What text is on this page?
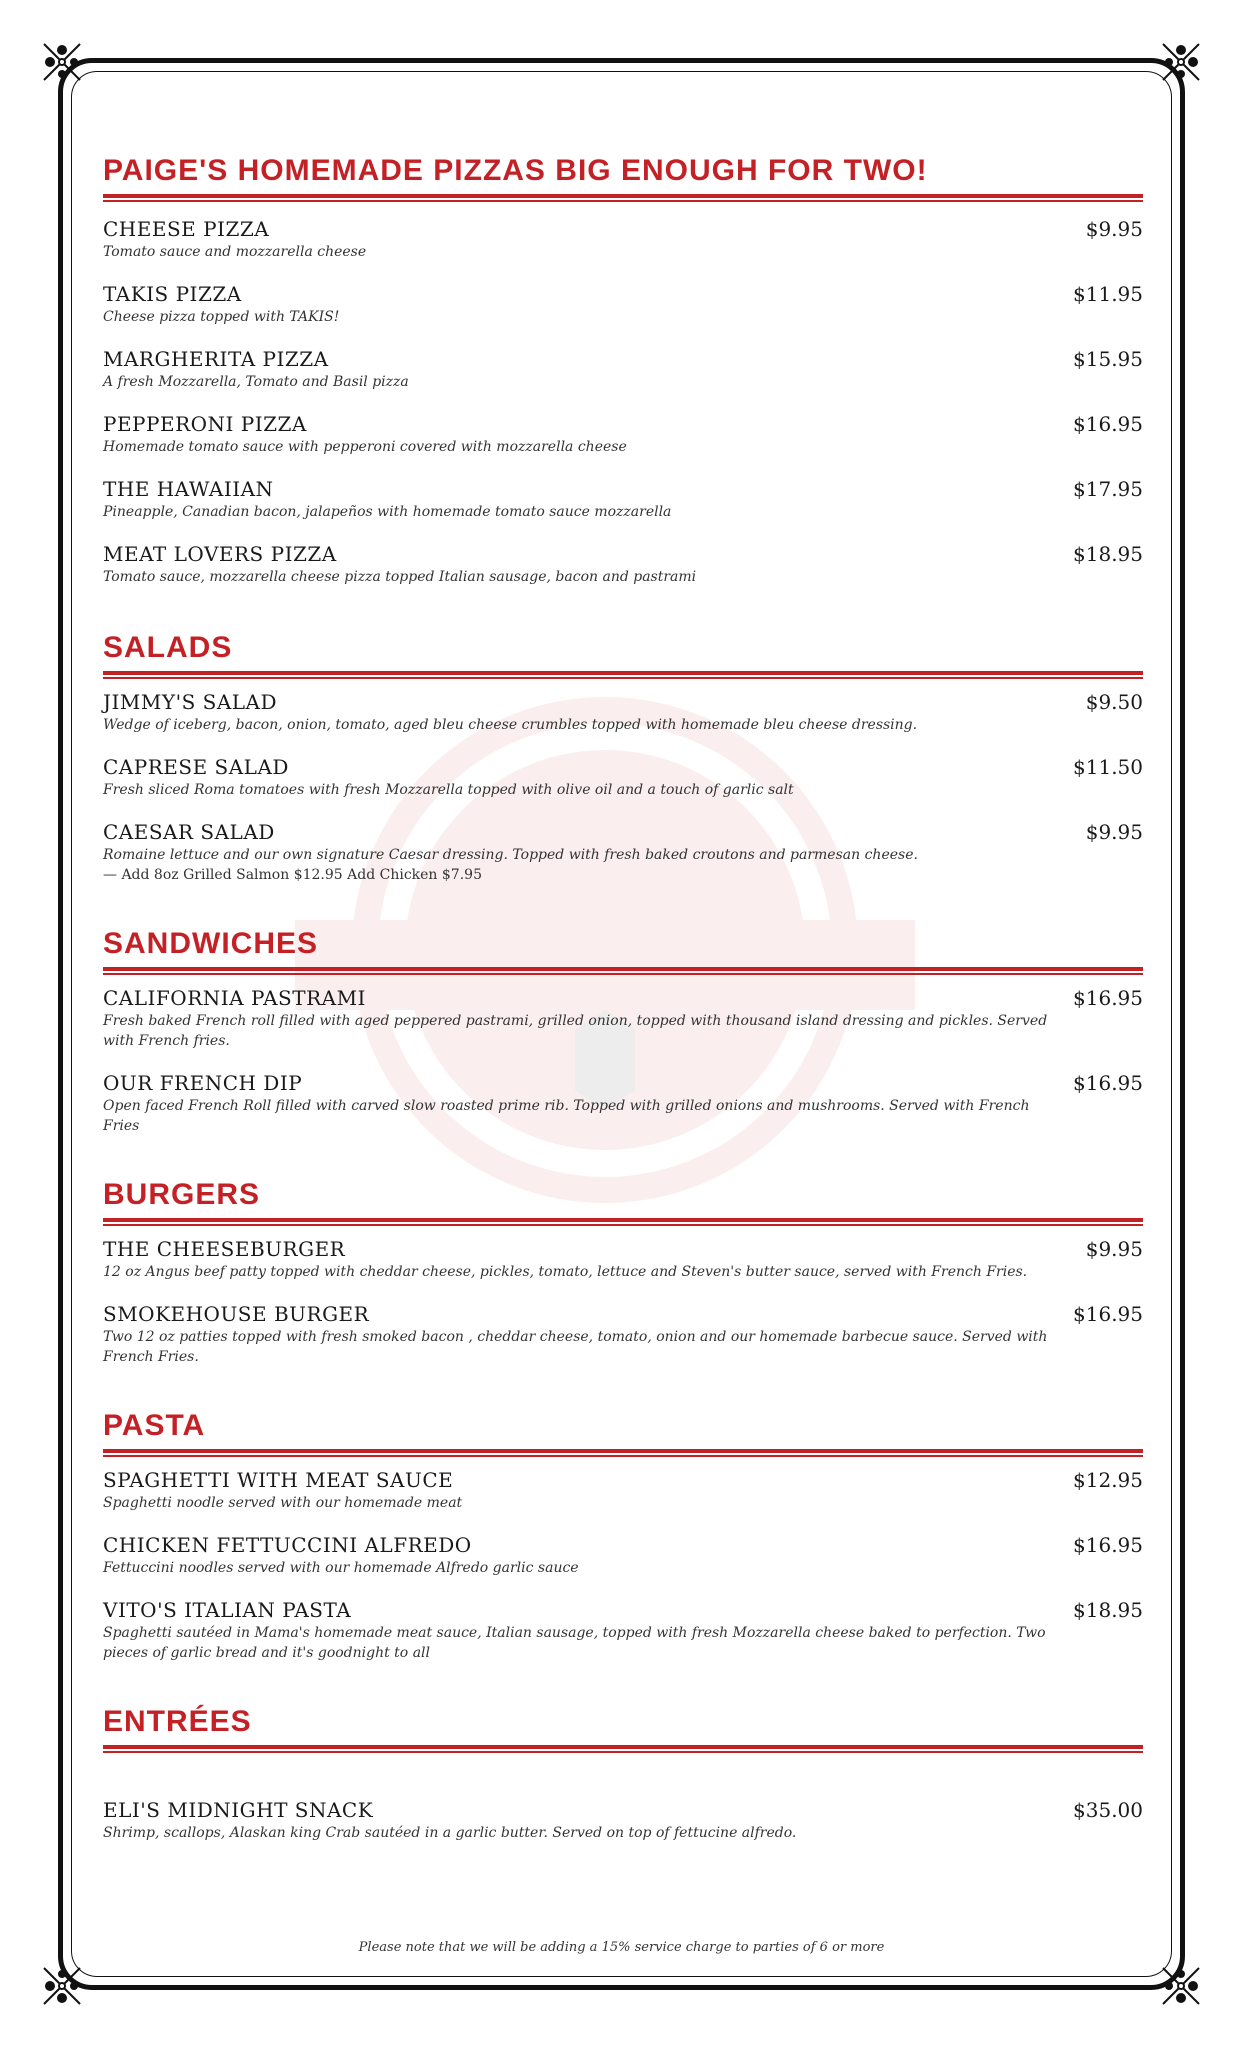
PAIGE'S HOMEMADE PIZZAS BIG ENOUGH FOR TWO!
CHEESE PIZZA	$9.95
Tomato sauce and mozzarella cheese
TAKIS PIZZA	$11.95
Cheese pizza topped with TAKIS!
MARGHERITA PIZZA	$15.95
A fresh Mozzarella, Tomato and Basil pizza
PEPPERONI PIZZA	$16.95
Homemade tomato sauce with pepperoni covered with mozzarella cheese
THE HAWAIIAN	$17.95
Pineapple, Canadian bacon, jalapeños with homemade tomato sauce mozzarella
MEAT LOVERS PIZZA	$18.95
Tomato sauce, mozzarella cheese pizza topped Italian sausage, bacon and pastrami
SALADS
JIMMY'S SALAD	$9.50
Wedge of iceberg, bacon, onion, tomato, aged bleu cheese crumbles topped with homemade bleu cheese dressing.
CAPRESE SALAD	$11.50
Fresh sliced Roma tomatoes with fresh Mozzarella topped with olive oil and a touch of garlic salt
CAESAR SALAD	$9.95
Romaine lettuce and our own signature Caesar dressing. Topped with fresh baked croutons and parmesan cheese.
— Add 8oz Grilled Salmon $12.95 Add Chicken $7.95
SANDWICHES
CALIFORNIA PASTRAMI	$16.95
Fresh baked French roll filled with aged peppered pastrami, grilled onion, topped with thousand island dressing and pickles. Served with French fries.
OUR FRENCH DIP	$16.95
Open faced French Roll filled with carved slow roasted prime rib. Topped with grilled onions and mushrooms. Served with French Fries
BURGERS
THE CHEESEBURGER	$9.95
12 oz Angus beef patty topped with cheddar cheese, pickles, tomato, lettuce and Steven's butter sauce, served with French Fries.
SMOKEHOUSE BURGER	$16.95
Two 12 oz patties topped with fresh smoked bacon , cheddar cheese, tomato, onion and our homemade barbecue sauce. Served with French Fries.
PASTA
SPAGHETTI WITH MEAT SAUCE	$12.95
Spaghetti noodle served with our homemade meat
CHICKEN FETTUCCINI ALFREDO	$16.95
Fettuccini noodles served with our homemade Alfredo garlic sauce
VITO'S ITALIAN PASTA	$18.95
Spaghetti sautéed in Mama's homemade meat sauce, Italian sausage, topped with fresh Mozzarella cheese baked to perfection. Two pieces of garlic bread and it's goodnight to all
ENTRÉES
ELI'S MIDNIGHT SNACK	$35.00
Shrimp, scallops, Alaskan king Crab sautéed in a garlic butter. Served on top of fettucine alfredo.
Please note that we will be adding a 15% service charge to parties of 6 or more
